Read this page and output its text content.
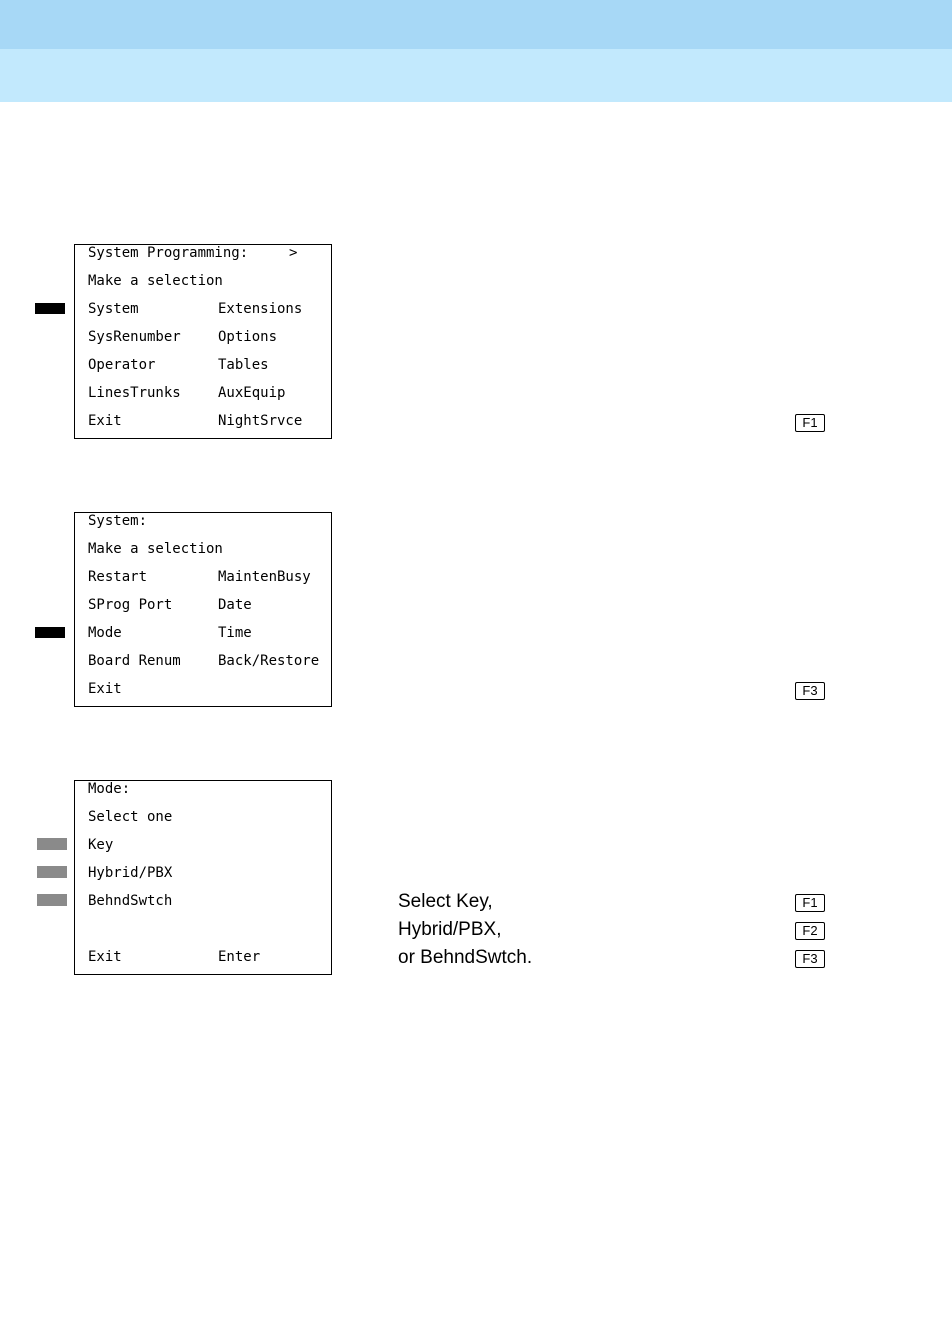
System Programming:	>
Make a selection
System	Extensions
SysRenumber	Options
Operator	Tables
LinesTrunks	AuxEquip
Exit	NightSrvce	F1
System:
Make a selection
Restart	MaintenBusy
SProg Port	Date
Mode	Time
Board Renum	Back/Restore
Exit	F3
Mode:
Select one
Key
Hybrid/PBX
BehndSwtch
Exit	Enter
Select Key,
Hybrid/PBX,
or BehndSwtch.
F1
F2
F3
